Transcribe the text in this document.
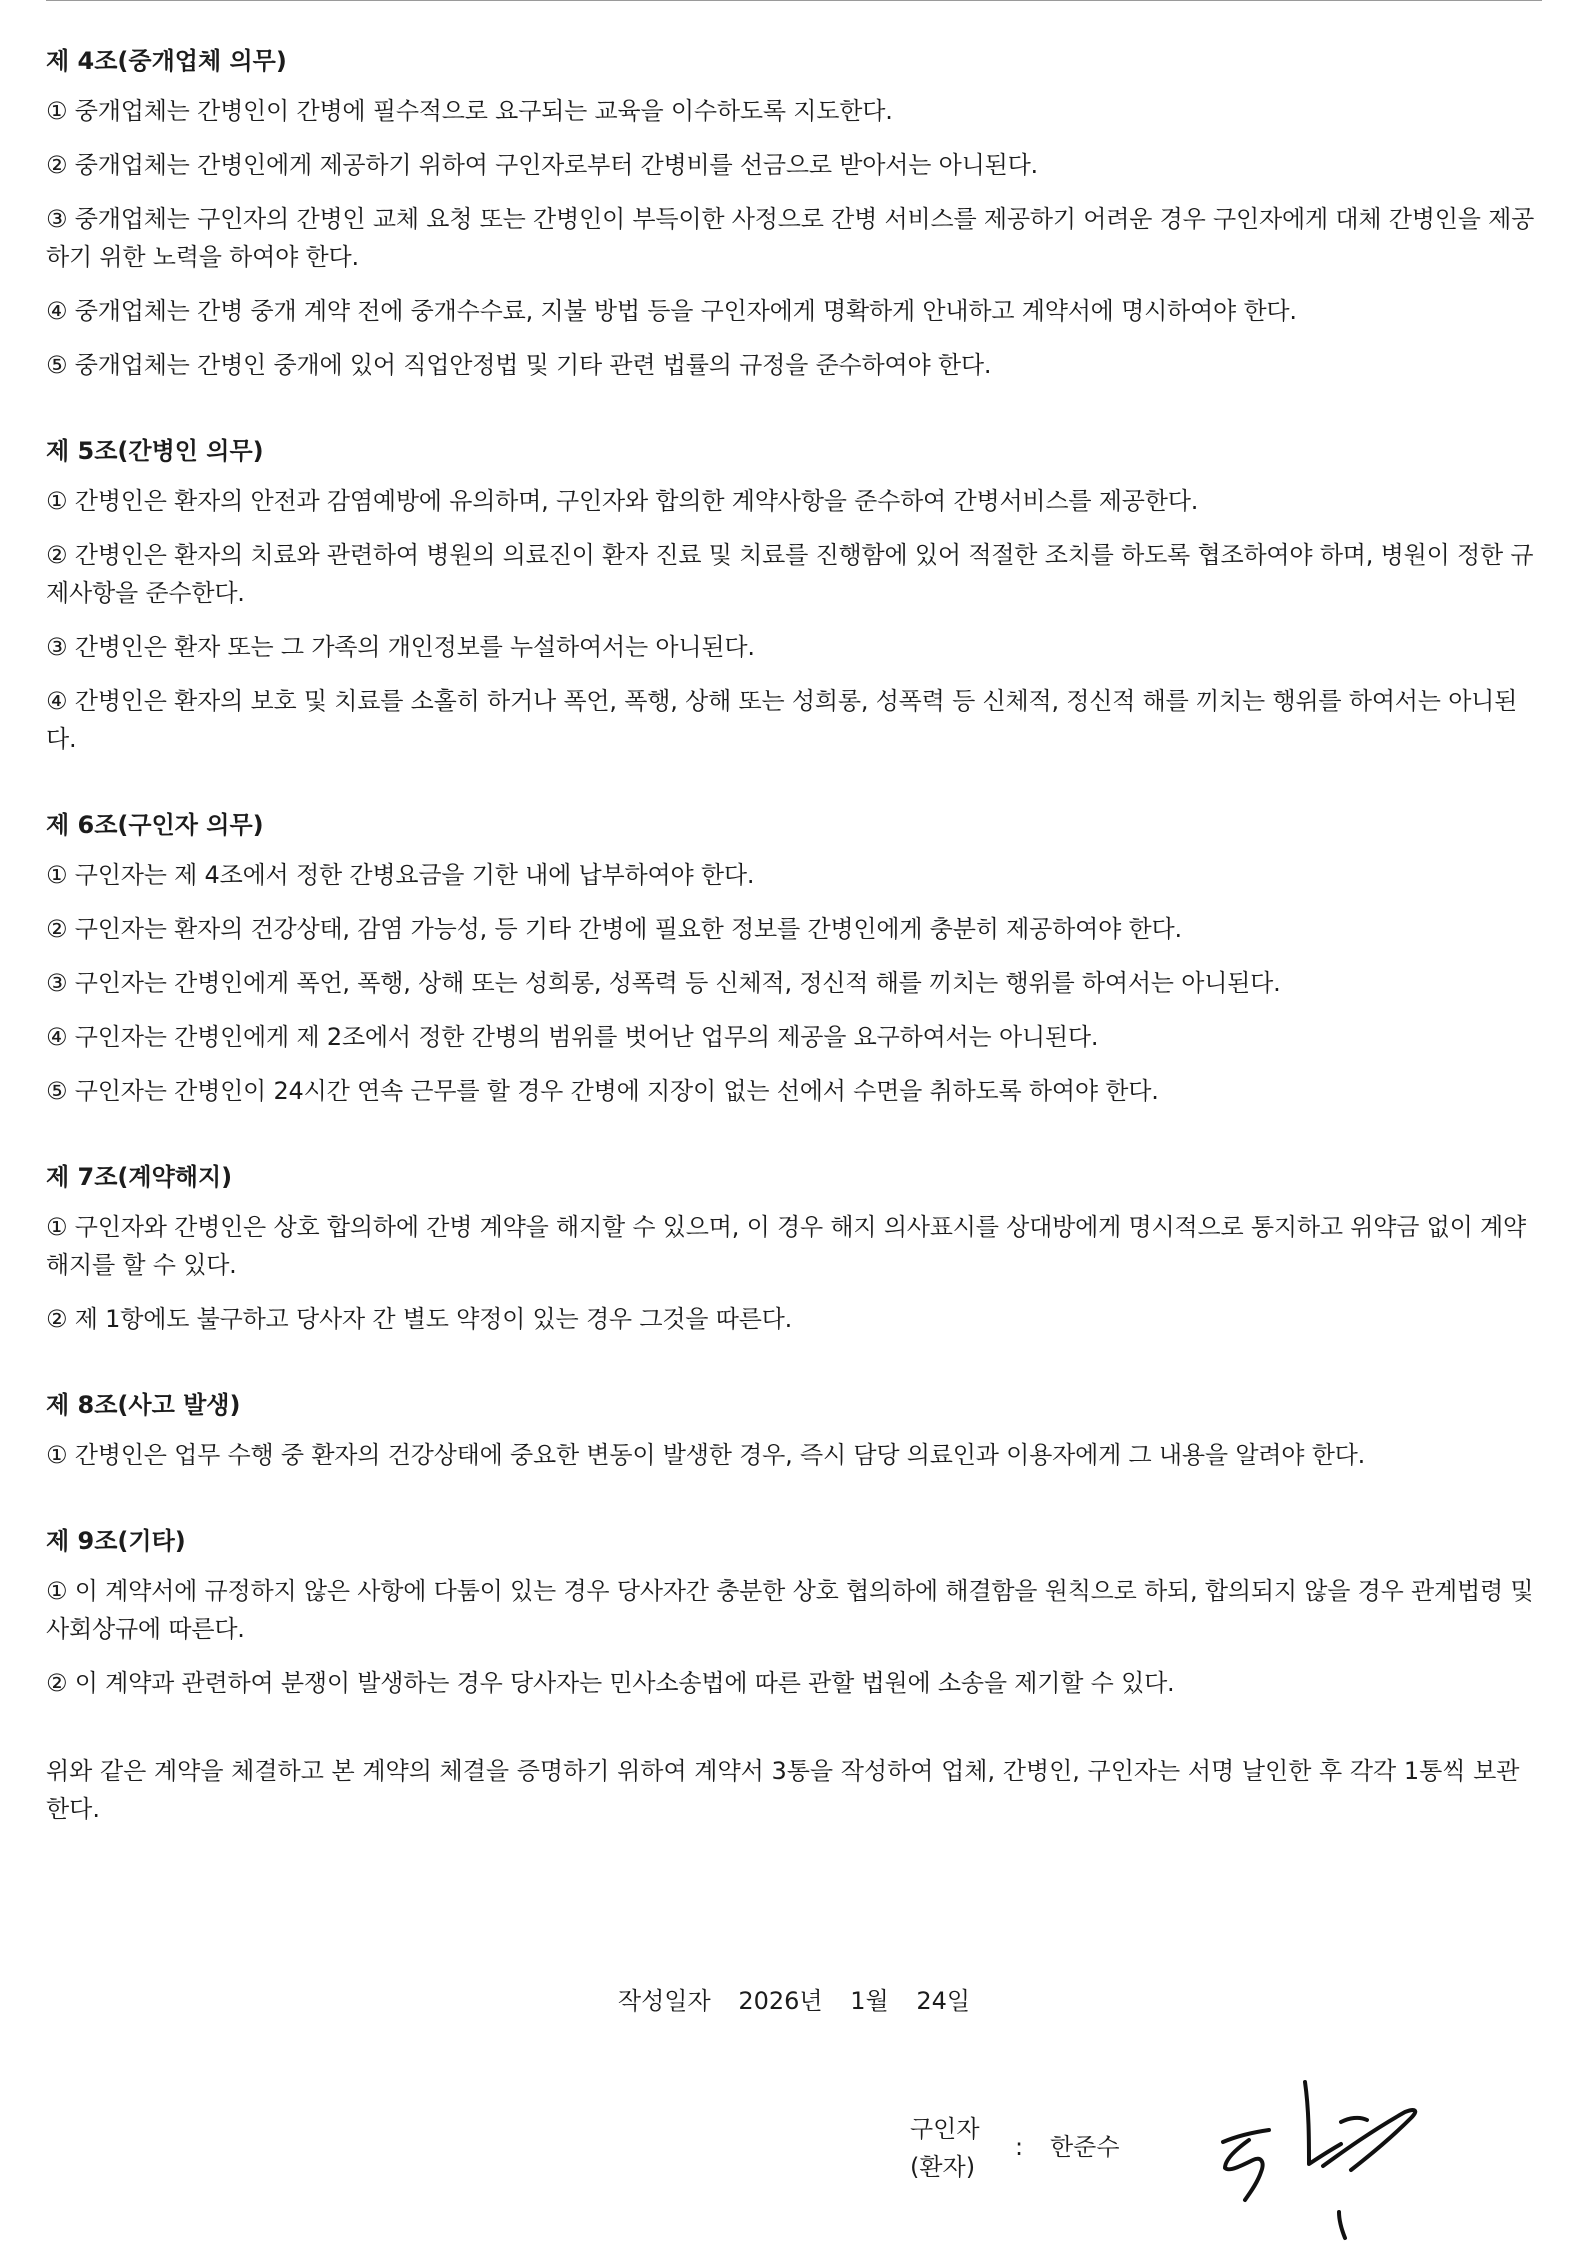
제 4조(중개업체 의무)

① 중개업체는 간병인이 간병에 필수적으로 요구되는 교육을 이수하도록 지도한다.

② 중개업체는 간병인에게 제공하기 위하여 구인자로부터 간병비를 선금으로 받아서는 아니된다.

③ 중개업체는 구인자의 간병인 교체 요청 또는 간병인이 부득이한 사정으로 간병 서비스를 제공하기 어려운 경우 구인자에게 대체 간병인을 제공하기 위한 노력을 하여야 한다.

④ 중개업체는 간병 중개 계약 전에 중개수수료, 지불 방법 등을 구인자에게 명확하게 안내하고 계약서에 명시하여야 한다.

⑤ 중개업체는 간병인 중개에 있어 직업안정법 및 기타 관련 법률의 규정을 준수하여야 한다.

제 5조(간병인 의무)

① 간병인은 환자의 안전과 감염예방에 유의하며, 구인자와 합의한 계약사항을 준수하여 간병서비스를 제공한다.

② 간병인은 환자의 치료와 관련하여 병원의 의료진이 환자 진료 및 치료를 진행함에 있어 적절한 조치를 하도록 협조하여야 하며, 병원이 정한 규제사항을 준수한다.

③ 간병인은 환자 또는 그 가족의 개인정보를 누설하여서는 아니된다.

④ 간병인은 환자의 보호 및 치료를 소홀히 하거나 폭언, 폭행, 상해 또는 성희롱, 성폭력 등 신체적, 정신적 해를 끼치는 행위를 하여서는 아니된다.

제 6조(구인자 의무)

① 구인자는 제 4조에서 정한 간병요금을 기한 내에 납부하여야 한다.

② 구인자는 환자의 건강상태, 감염 가능성, 등 기타 간병에 필요한 정보를 간병인에게 충분히 제공하여야 한다.

③ 구인자는 간병인에게 폭언, 폭행, 상해 또는 성희롱, 성폭력 등 신체적, 정신적 해를 끼치는 행위를 하여서는 아니된다.

④ 구인자는 간병인에게 제 2조에서 정한 간병의 범위를 벗어난 업무의 제공을 요구하여서는 아니된다.

⑤ 구인자는 간병인이 24시간 연속 근무를 할 경우 간병에 지장이 없는 선에서 수면을 취하도록 하여야 한다.

제 7조(계약해지)

① 구인자와 간병인은 상호 합의하에 간병 계약을 해지할 수 있으며, 이 경우 해지 의사표시를 상대방에게 명시적으로 통지하고 위약금 없이 계약해지를 할 수 있다.

② 제 1항에도 불구하고 당사자 간 별도 약정이 있는 경우 그것을 따른다.

제 8조(사고 발생)

① 간병인은 업무 수행 중 환자의 건강상태에 중요한 변동이 발생한 경우, 즉시 담당 의료인과 이용자에게 그 내용을 알려야 한다.

제 9조(기타)

① 이 계약서에 규정하지 않은 사항에 다툼이 있는 경우 당사자간 충분한 상호 협의하에 해결함을 원칙으로 하되, 합의되지 않을 경우 관계법령 및 사회상규에 따른다.

② 이 계약과 관련하여 분쟁이 발생하는 경우 당사자는 민사소송법에 따른 관할 법원에 소송을 제기할 수 있다.

위와 같은 계약을 체결하고 본 계약의 체결을 증명하기 위하여 계약서 3통을 작성하여 업체, 간병인, 구인자는 서명 날인한 후 각각 1통씩 보관한다.

작성일자 2026년 1월 24일
구인자
(환자)
: 한준수
